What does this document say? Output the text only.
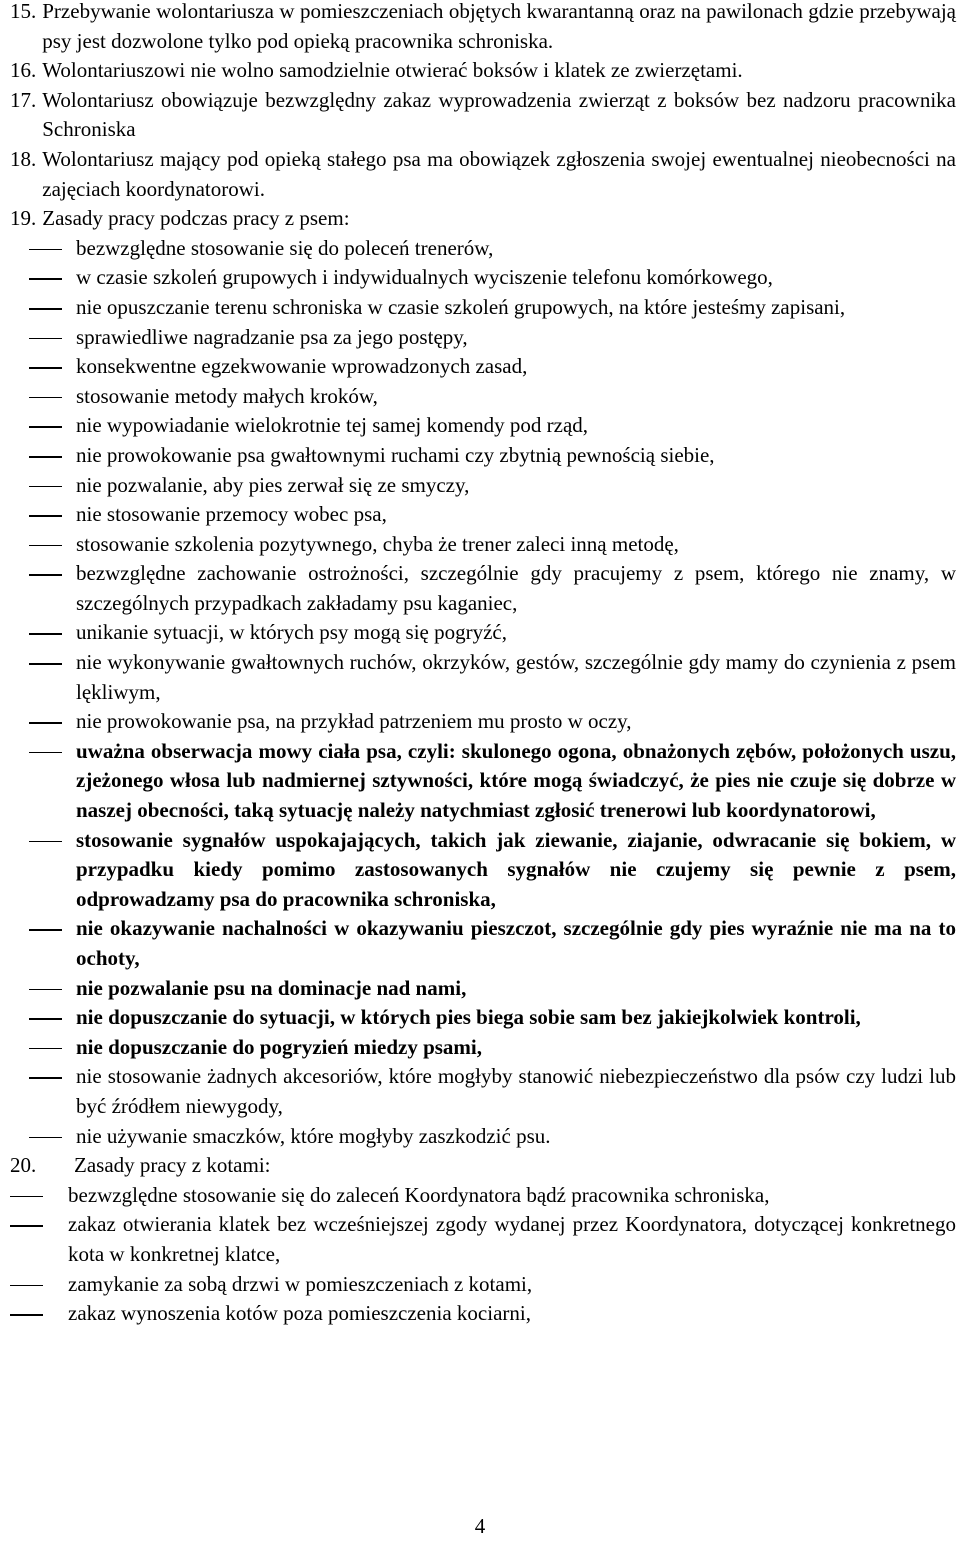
15. Przebywanie wolontariusza w pomieszczeniach objętych kwarantanną oraz na pawilonach gdzie przebywają psy jest dozwolone tylko pod opieką pracownika schroniska.
16. Wolontariuszowi nie wolno samodzielnie otwierać boksów i klatek ze zwierzętami.
17. Wolontariusz obowiązuje bezwzględny zakaz wyprowadzenia zwierząt z boksów bez nadzoru pracownika Schroniska
18. Wolontariusz mający pod opieką stałego psa ma obowiązek zgłoszenia swojej ewentualnej nieobecności na zajęciach koordynatorowi.
19. Zasady pracy podczas pracy z psem:
bezwzględne stosowanie się do poleceń trenerów,
w czasie szkoleń grupowych i indywidualnych wyciszenie telefonu komórkowego,
nie opuszczanie terenu schroniska w czasie szkoleń grupowych, na które jesteśmy zapisani,
sprawiedliwe nagradzanie psa za jego postępy,
konsekwentne egzekwowanie wprowadzonych zasad,
stosowanie metody małych kroków,
nie wypowiadanie wielokrotnie tej samej komendy pod rząd,
nie prowokowanie psa gwałtownymi ruchami czy zbytnią pewnością siebie,
nie pozwalanie, aby pies zerwał się ze smyczy,
nie stosowanie przemocy wobec psa,
stosowanie szkolenia pozytywnego, chyba że trener zaleci inną metodę,
bezwzględne zachowanie ostrożności, szczególnie gdy pracujemy z psem, którego nie znamy, w szczególnych przypadkach zakładamy psu kaganiec,
unikanie sytuacji, w których psy mogą się pogryźć,
nie wykonywanie gwałtownych ruchów, okrzyków, gestów, szczególnie gdy mamy do czynienia z psem lękliwym,
nie prowokowanie psa, na przykład patrzeniem mu prosto w oczy,
uważna obserwacja mowy ciała psa, czyli: skulonego ogona, obnażonych zębów, położonych uszu, zjeżonego włosa lub nadmiernej sztywności, które mogą świadczyć, że pies nie czuje się dobrze w naszej obecności, taką sytuację należy natychmiast zgłosić trenerowi lub koordynatorowi,
stosowanie sygnałów uspokajających, takich jak ziewanie, ziajanie, odwracanie się bokiem, w przypadku kiedy pomimo zastosowanych sygnałów nie czujemy się pewnie z psem, odprowadzamy psa do pracownika schroniska,
nie okazywanie nachalności w okazywaniu pieszczot, szczególnie gdy pies wyraźnie nie ma na to ochoty,
nie pozwalanie psu na dominacje nad nami,
nie dopuszczanie do sytuacji, w których pies biega sobie sam bez jakiejkolwiek kontroli,
nie dopuszczanie do pogryzień miedzy psami,
nie stosowanie żadnych akcesoriów, które mogłyby stanowić niebezpieczeństwo dla psów czy ludzi lub być źródłem niewygody,
nie używanie smaczków, które mogłyby zaszkodzić psu.
20.	Zasady pracy z kotami:
bezwzględne stosowanie się do zaleceń Koordynatora bądź pracownika schroniska,
zakaz otwierania klatek bez wcześniejszej zgody wydanej przez Koordynatora, dotyczącej konkretnego kota w konkretnej klatce,
zamykanie za sobą drzwi w pomieszczeniach z kotami,
zakaz wynoszenia kotów poza pomieszczenia kociarni,
4
